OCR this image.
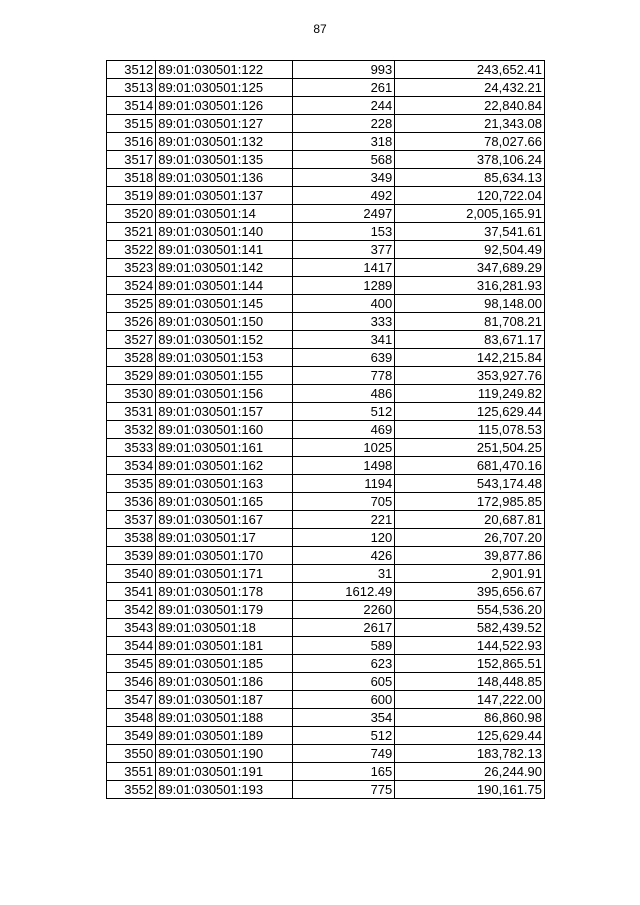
87
3512	89:01:030501:122	993	243,652.41
3513	89:01:030501:125	261	24,432.21
3514	89:01:030501:126	244	22,840.84
3515	89:01:030501:127	228	21,343.08
3516	89:01:030501:132	318	78,027.66
3517	89:01:030501:135	568	378,106.24
3518	89:01:030501:136	349	85,634.13
3519	89:01:030501:137	492	120,722.04
3520	89:01:030501:14	2497	2,005,165.91
3521	89:01:030501:140	153	37,541.61
3522	89:01:030501:141	377	92,504.49
3523	89:01:030501:142	1417	347,689.29
3524	89:01:030501:144	1289	316,281.93
3525	89:01:030501:145	400	98,148.00
3526	89:01:030501:150	333	81,708.21
3527	89:01:030501:152	341	83,671.17
3528	89:01:030501:153	639	142,215.84
3529	89:01:030501:155	778	353,927.76
3530	89:01:030501:156	486	119,249.82
3531	89:01:030501:157	512	125,629.44
3532	89:01:030501:160	469	115,078.53
3533	89:01:030501:161	1025	251,504.25
3534	89:01:030501:162	1498	681,470.16
3535	89:01:030501:163	1194	543,174.48
3536	89:01:030501:165	705	172,985.85
3537	89:01:030501:167	221	20,687.81
3538	89:01:030501:17	120	26,707.20
3539	89:01:030501:170	426	39,877.86
3540	89:01:030501:171	31	2,901.91
3541	89:01:030501:178	1612.49	395,656.67
3542	89:01:030501:179	2260	554,536.20
3543	89:01:030501:18	2617	582,439.52
3544	89:01:030501:181	589	144,522.93
3545	89:01:030501:185	623	152,865.51
3546	89:01:030501:186	605	148,448.85
3547	89:01:030501:187	600	147,222.00
3548	89:01:030501:188	354	86,860.98
3549	89:01:030501:189	512	125,629.44
3550	89:01:030501:190	749	183,782.13
3551	89:01:030501:191	165	26,244.90
3552	89:01:030501:193	775	190,161.75
